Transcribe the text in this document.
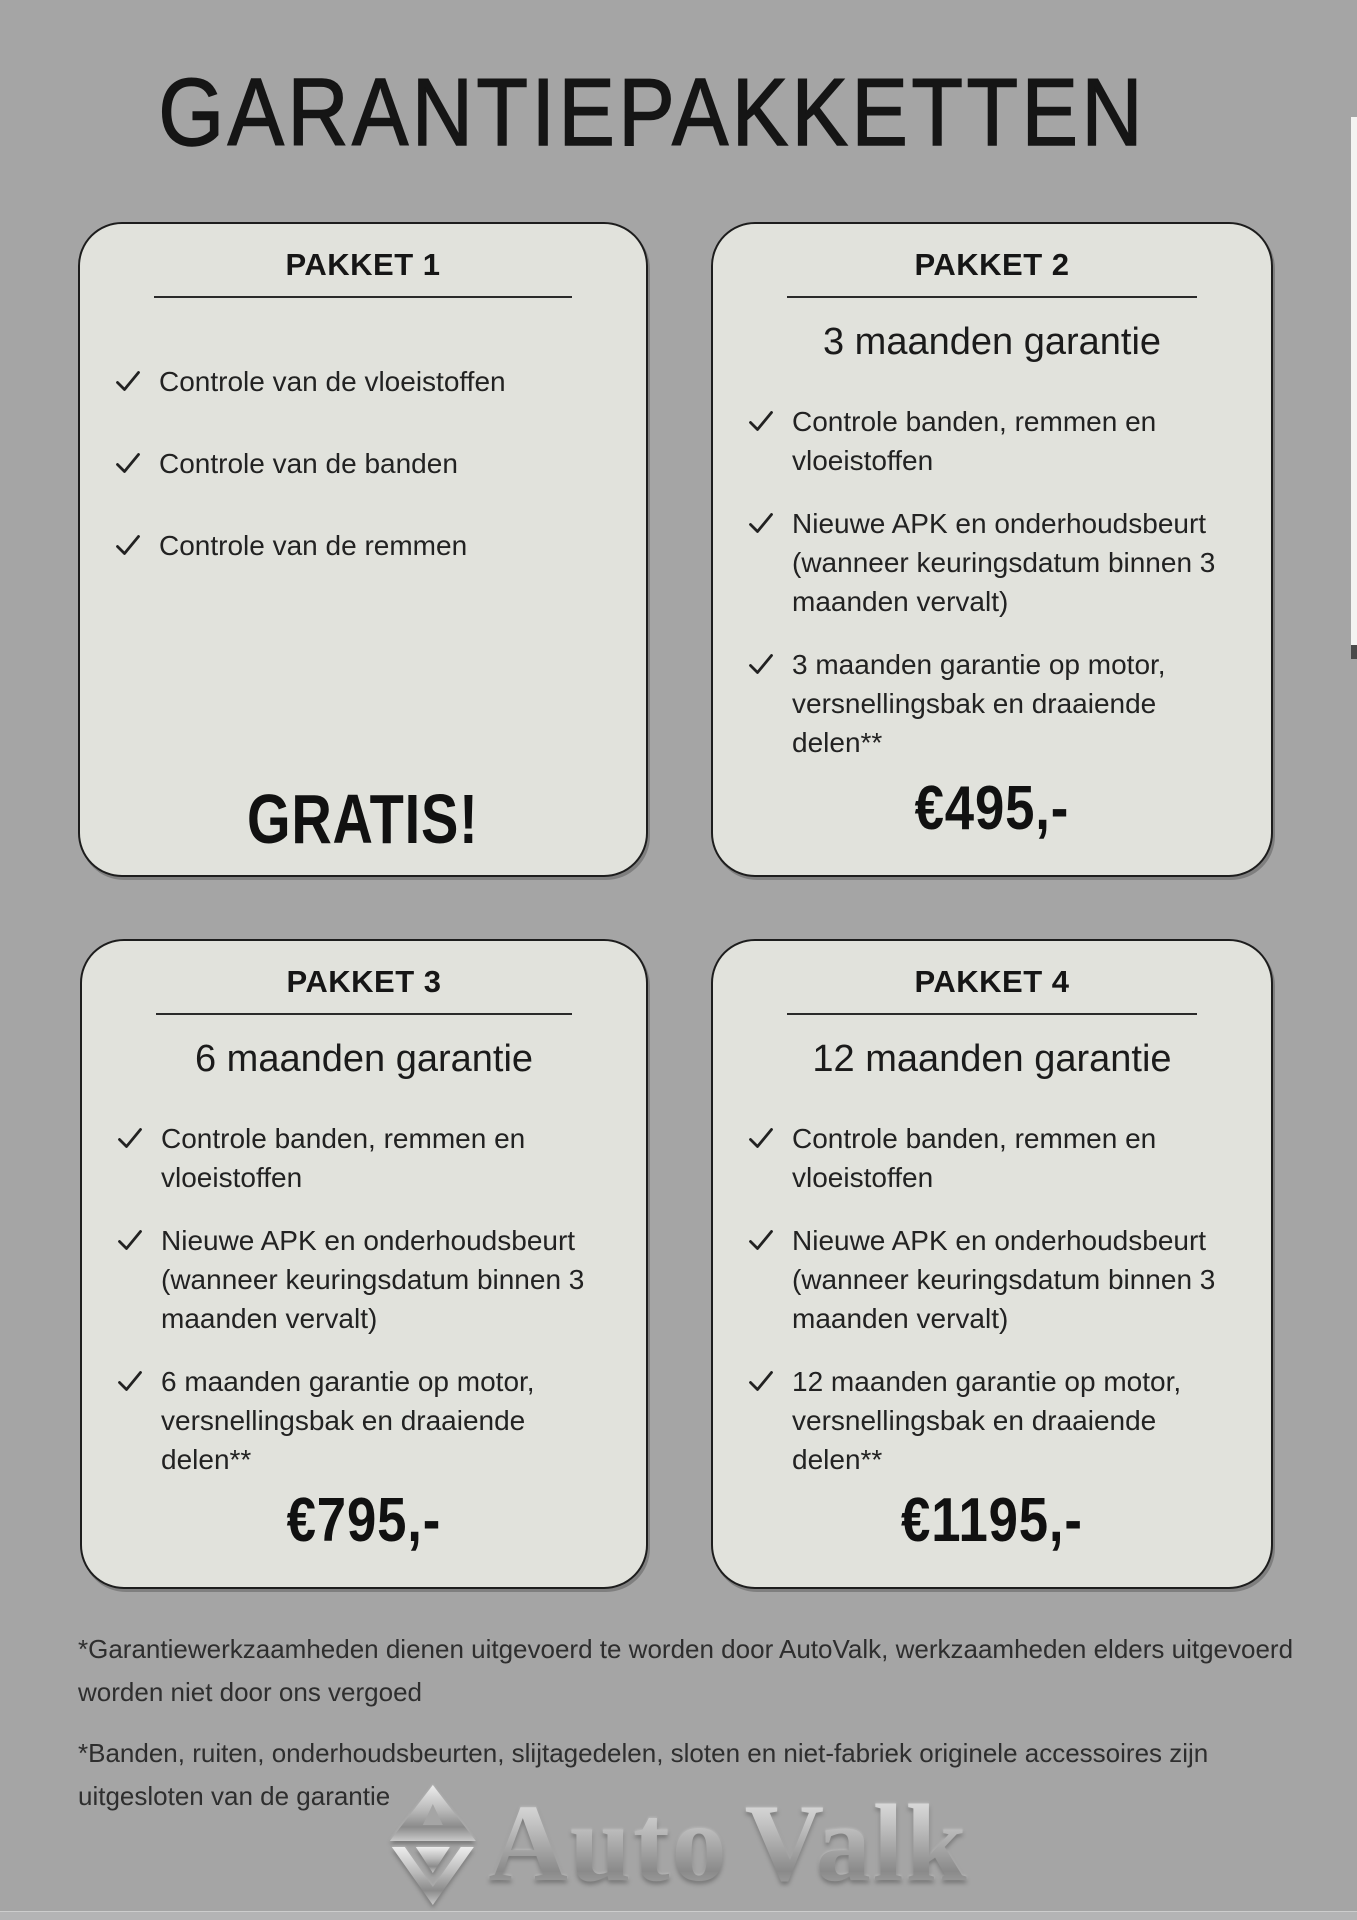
GARANTIEPAKKETTEN
PAKKET 1
Controle van de vloeistoffen
Controle van de banden
Controle van de remmen
GRATIS!
PAKKET 2
3 maanden garantie
Controle banden, remmen en vloeistoffen
Nieuwe APK en onderhoudsbeurt (wanneer keuringsdatum binnen 3 maanden vervalt)
3 maanden garantie op motor, versnellingsbak en draaiende delen**
€495,-
PAKKET 3
6 maanden garantie
Controle banden, remmen en vloeistoffen
Nieuwe APK en onderhoudsbeurt (wanneer keuringsdatum binnen 3 maanden vervalt)
6 maanden garantie op motor, versnellingsbak en draaiende delen**
€795,-
PAKKET 4
12 maanden garantie
Controle banden, remmen en vloeistoffen
Nieuwe APK en onderhoudsbeurt (wanneer keuringsdatum binnen 3 maanden vervalt)
12 maanden garantie op motor, versnellingsbak en draaiende delen**
€1195,-

*Garantiewerkzaamheden dienen uitgevoerd te worden door AutoValk, werkzaamheden elders uitgevoerd
worden niet door ons vergoed

*Banden, ruiten, onderhoudsbeurten, slijtagedelen, sloten en niet-fabriek originele accessoires zijn
uitgesloten van de garantie Auto Valk
